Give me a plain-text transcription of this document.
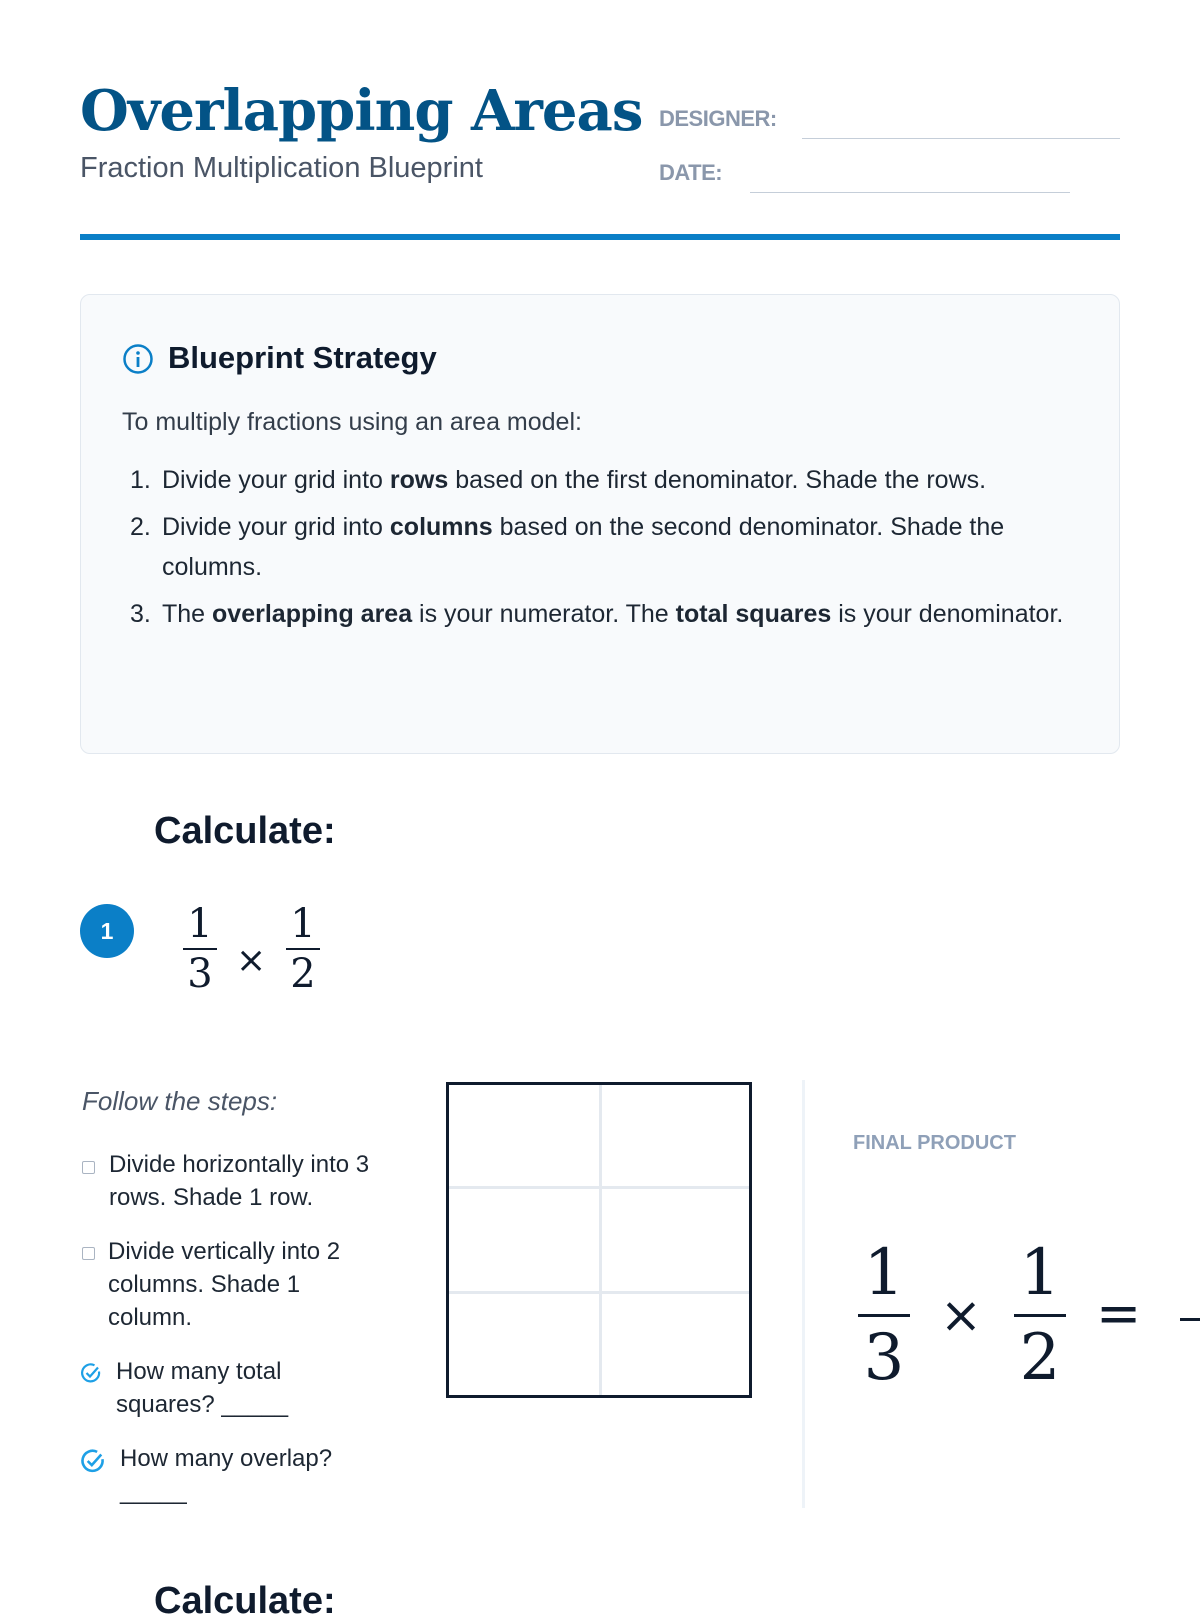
Overlapping Areas
Fraction Multiplication Blueprint
DESIGNER:
DATE:
Blueprint Strategy
To multiply fractions using an area model:
1. Divide your grid into rows based on the first denominator. Shade the rows.
2. Divide your grid into columns based on the second denominator. Shade the columns.
3. The overlapping area is your numerator. The total squares is your denominator.
Calculate:
1	1
3 ×
1
2
Follow the steps:
Divide horizontally into 3 rows. Shade 1 row.
Divide vertically into 2 columns. Shade 1 column.
How many total squares? _____
How many overlap? _____
FINAL PRODUCT
1
3
×
1
2
=
Calculate:
